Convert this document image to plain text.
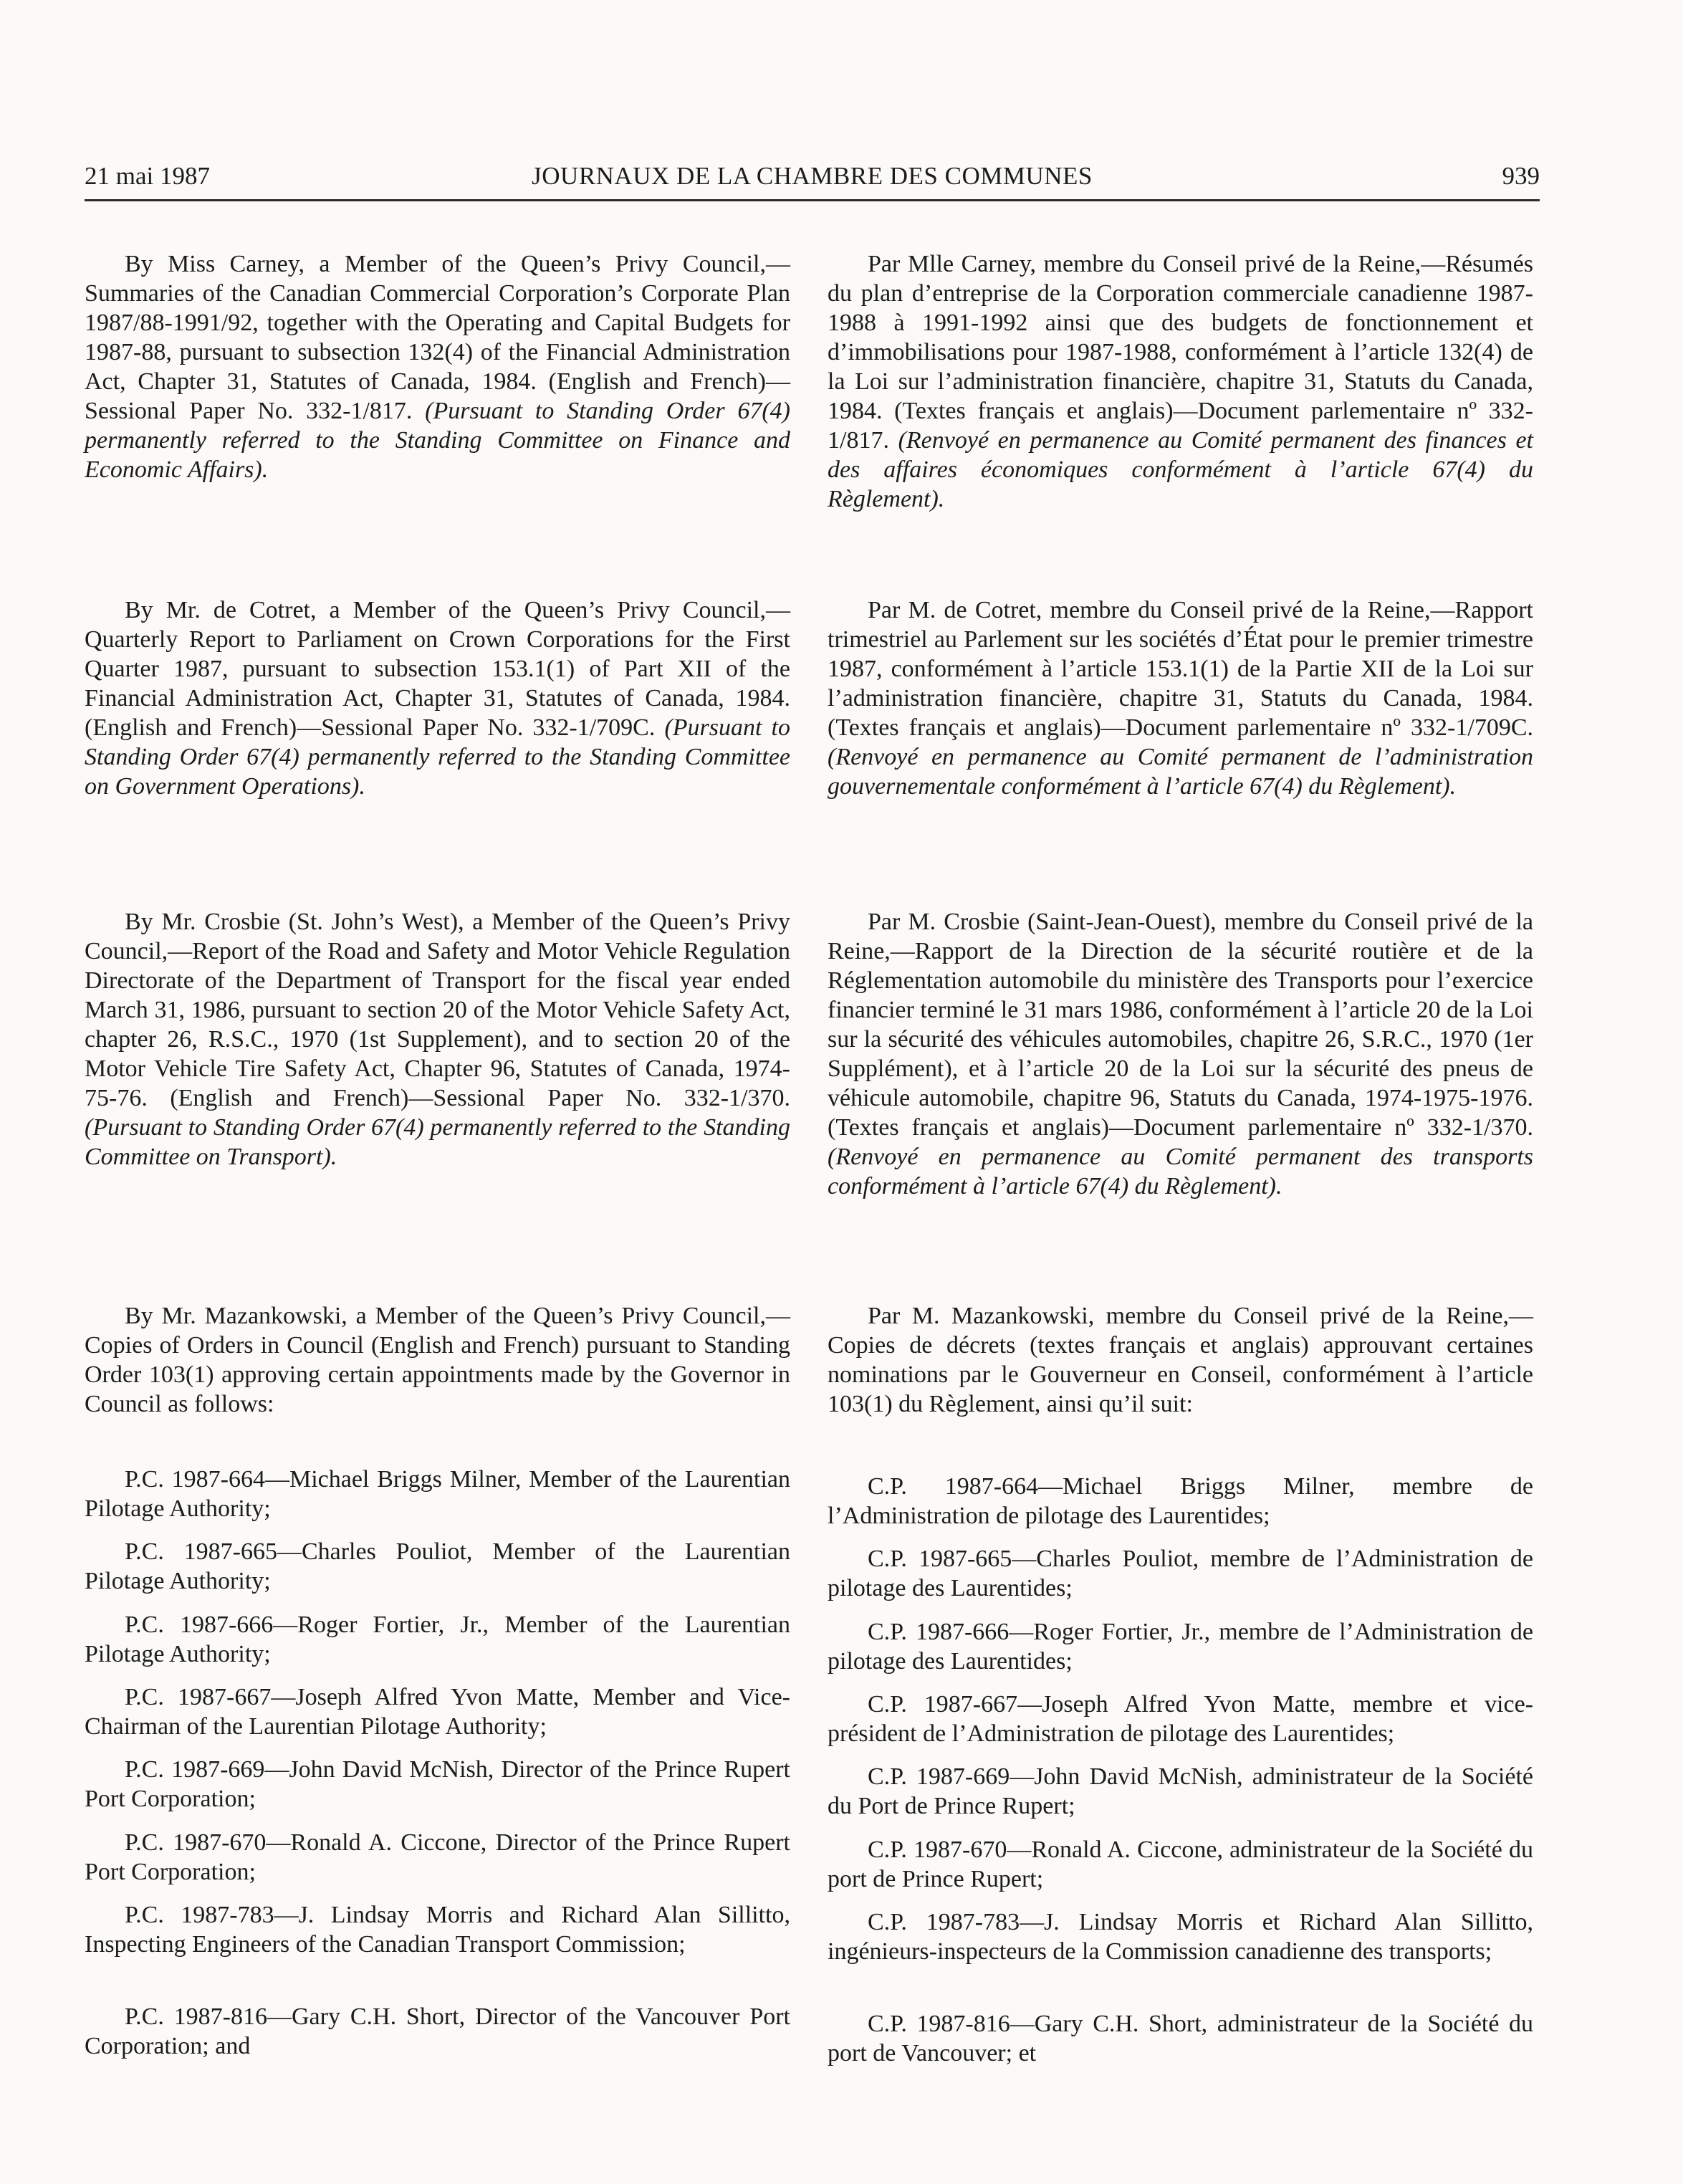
21 mai 1987	JOURNAUX DE LA CHAMBRE DES COMMUNES	939

By Miss Carney, a Member of the Queen’s Privy Council,—Summaries of the Canadian Commercial Corporation’s Corporate Plan 1987/88-1991/92, together with the Operating and Capital Budgets for 1987-88, pursuant to subsection 132(4) of the Financial Administration Act, Chapter 31, Statutes of Canada, 1984. (English and French)—Sessional Paper No. 332-1/817. (Pursuant to Standing Order 67(4) permanently referred to the Standing Committee on Finance and Economic Affairs).

By Mr. de Cotret, a Member of the Queen’s Privy Council,—Quarterly Report to Parliament on Crown Corporations for the First Quarter 1987, pursuant to subsection 153.1(1) of Part XII of the Financial Administration Act, Chapter 31, Statutes of Canada, 1984. (English and French)—Sessional Paper No. 332-1/709C. (Pursuant to Standing Order 67(4) permanently referred to the Standing Committee on Government Operations).

By Mr. Crosbie (St. John’s West), a Member of the Queen’s Privy Council,—Report of the Road and Safety and Motor Vehicle Regulation Directorate of the Department of Transport for the fiscal year ended March 31, 1986, pursuant to section 20 of the Motor Vehicle Safety Act, chapter 26, R.S.C., 1970 (1st Supplement), and to section 20 of the Motor Vehicle Tire Safety Act, Chapter 96, Statutes of Canada, 1974-75-76. (English and French)—Sessional Paper No. 332-1/370. (Pursuant to Standing Order 67(4) permanently referred to the Standing Committee on Transport).

By Mr. Mazankowski, a Member of the Queen’s Privy Council,—Copies of Orders in Council (English and French) pursuant to Standing Order 103(1) approving certain appointments made by the Governor in Council as follows:

P.C. 1987-664—Michael Briggs Milner, Member of the Laurentian Pilotage Authority;

P.C. 1987-665—Charles Pouliot, Member of the Laurentian Pilotage Authority;

P.C. 1987-666—Roger Fortier, Jr., Member of the Laurentian Pilotage Authority;

P.C. 1987-667—Joseph Alfred Yvon Matte, Member and Vice-Chairman of the Laurentian Pilotage Authority;

P.C. 1987-669—John David McNish, Director of the Prince Rupert Port Corporation;

P.C. 1987-670—Ronald A. Ciccone, Director of the Prince Rupert Port Corporation;

P.C. 1987-783—J. Lindsay Morris and Richard Alan Sillitto, Inspecting Engineers of the Canadian Transport Commission;

P.C. 1987-816—Gary C.H. Short, Director of the Vancouver Port Corporation; and

Par Mlle Carney, membre du Conseil privé de la Reine,—Résumés du plan d’entreprise de la Corporation commerciale canadienne 1987-1988 à 1991-1992 ainsi que des budgets de fonctionnement et d’immobilisations pour 1987-1988, conformément à l’article 132(4) de la Loi sur l’administration financière, chapitre 31, Statuts du Canada, 1984. (Textes français et anglais)—Document parlementaire nº 332-1/817. (Renvoyé en permanence au Comité permanent des finances et des affaires économiques conformément à l’article 67(4) du Règlement).

Par M. de Cotret, membre du Conseil privé de la Reine,—Rapport trimestriel au Parlement sur les sociétés d’État pour le premier trimestre 1987, conformément à l’article 153.1(1) de la Partie XII de la Loi sur l’administration financière, chapitre 31, Statuts du Canada, 1984. (Textes français et anglais)—Document parlementaire nº 332-1/709C. (Renvoyé en permanence au Comité permanent de l’administration gouvernementale conformément à l’article 67(4) du Règlement).

Par M. Crosbie (Saint-Jean-Ouest), membre du Conseil privé de la Reine,—Rapport de la Direction de la sécurité routière et de la Réglementation automobile du ministère des Transports pour l’exercice financier terminé le 31 mars 1986, conformément à l’article 20 de la Loi sur la sécurité des véhicules automobiles, chapitre 26, S.R.C., 1970 (1er Supplément), et à l’article 20 de la Loi sur la sécurité des pneus de véhicule automobile, chapitre 96, Statuts du Canada, 1974-1975-1976. (Textes français et anglais)—Document parlementaire nº 332-1/370. (Renvoyé en permanence au Comité permanent des transports conformément à l’article 67(4) du Règlement).

Par M. Mazankowski, membre du Conseil privé de la Reine,—Copies de décrets (textes français et anglais) approuvant certaines nominations par le Gouverneur en Conseil, conformément à l’article 103(1) du Règlement, ainsi qu’il suit:

C.P. 1987-664—Michael Briggs Milner, membre de l’Administration de pilotage des Laurentides;

C.P. 1987-665—Charles Pouliot, membre de l’Administration de pilotage des Laurentides;

C.P. 1987-666—Roger Fortier, Jr., membre de l’Administration de pilotage des Laurentides;

C.P. 1987-667—Joseph Alfred Yvon Matte, membre et vice-président de l’Administration de pilotage des Laurentides;

C.P. 1987-669—John David McNish, administrateur de la Société du Port de Prince Rupert;

C.P. 1987-670—Ronald A. Ciccone, administrateur de la Société du port de Prince Rupert;

C.P. 1987-783—J. Lindsay Morris et Richard Alan Sillitto, ingénieurs-inspecteurs de la Commission canadienne des transports;

C.P. 1987-816—Gary C.H. Short, administrateur de la Société du port de Vancouver; et
